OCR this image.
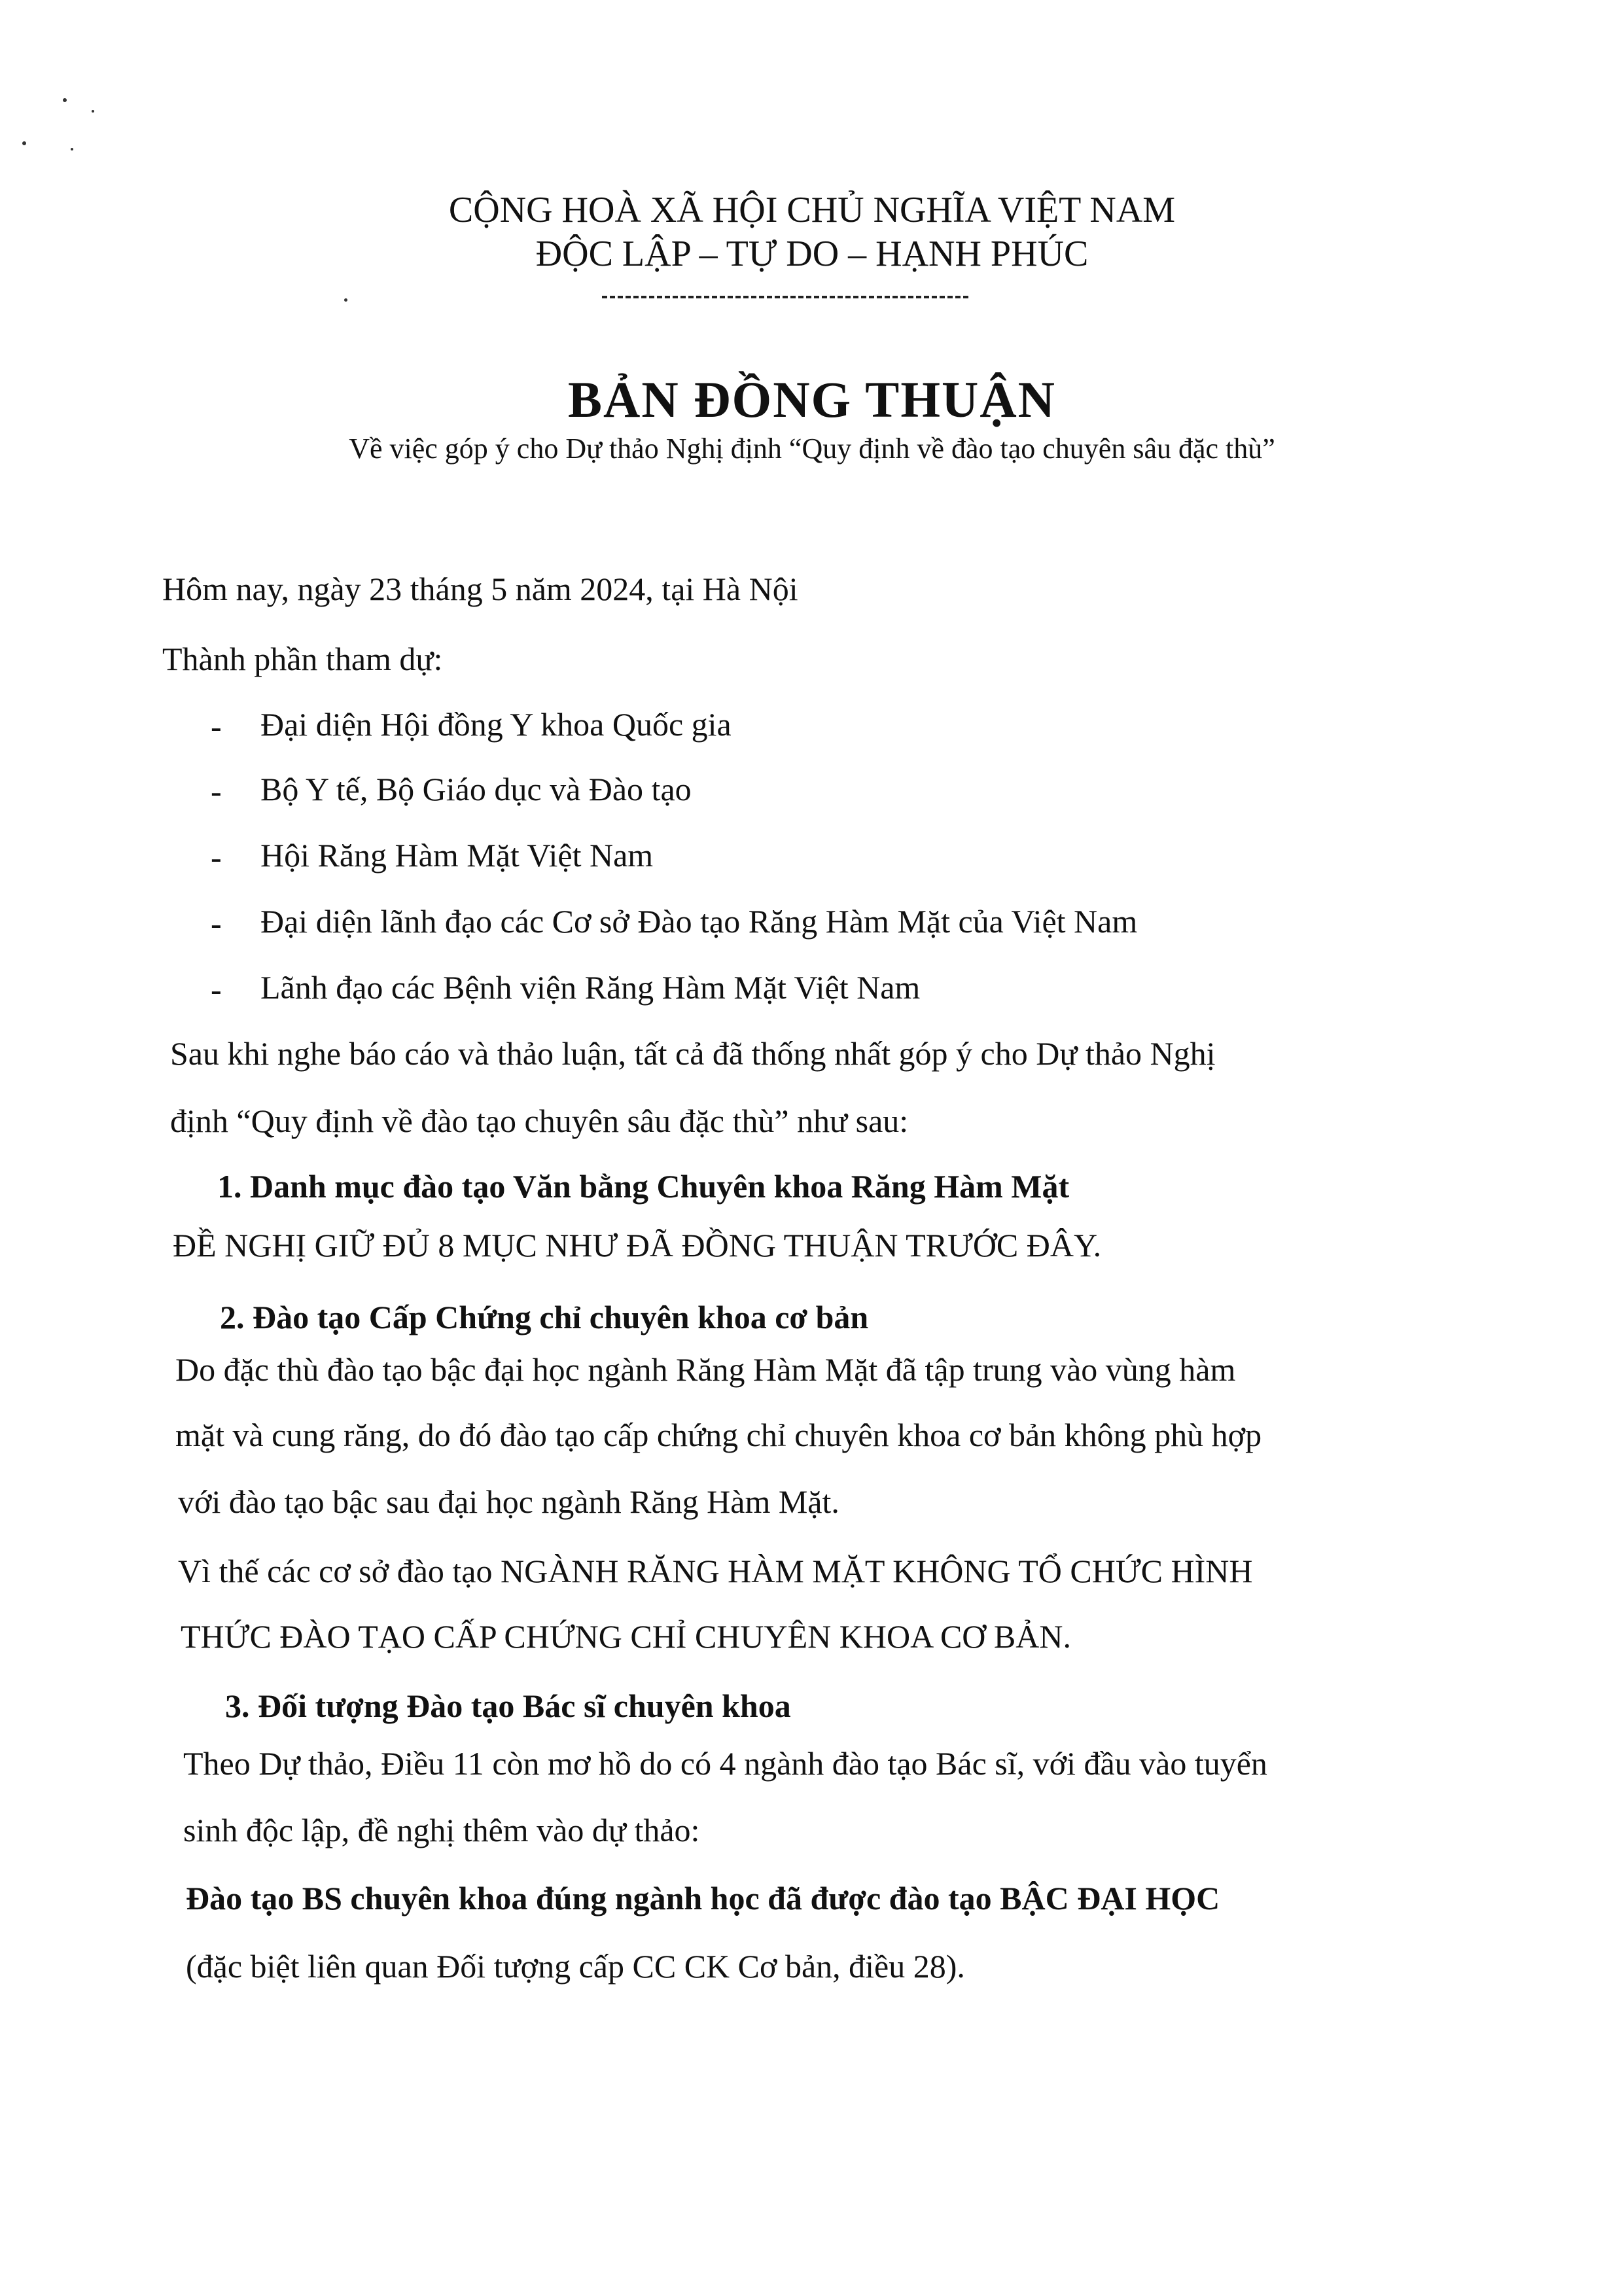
CỘNG HOÀ XÃ HỘI CHỦ NGHĨA VIỆT NAM
ĐỘC LẬP – TỰ DO – HẠNH PHÚC
BẢN ĐỒNG THUẬN
Về việc góp ý cho Dự thảo Nghị định “Quy định về đào tạo chuyên sâu đặc thù”
Hôm nay, ngày 23 tháng 5 năm 2024, tại Hà Nội
Thành phần tham dự:
- Đại diện Hội đồng Y khoa Quốc gia
- Bộ Y tế, Bộ Giáo dục và Đào tạo
- Hội Răng Hàm Mặt Việt Nam
- Đại diện lãnh đạo các Cơ sở Đào tạo Răng Hàm Mặt của Việt Nam
- Lãnh đạo các Bệnh viện Răng Hàm Mặt Việt Nam
Sau khi nghe báo cáo và thảo luận, tất cả đã thống nhất góp ý cho Dự thảo Nghị
định “Quy định về đào tạo chuyên sâu đặc thù” như sau:
1. Danh mục đào tạo Văn bằng Chuyên khoa Răng Hàm Mặt
ĐỀ NGHỊ GIỮ ĐỦ 8 MỤC NHƯ ĐÃ ĐỒNG THUẬN TRƯỚC ĐÂY.
2. Đào tạo Cấp Chứng chỉ chuyên khoa cơ bản
Do đặc thù đào tạo bậc đại học ngành Răng Hàm Mặt đã tập trung vào vùng hàm
mặt và cung răng, do đó đào tạo cấp chứng chỉ chuyên khoa cơ bản không phù hợp
với đào tạo bậc sau đại học ngành Răng Hàm Mặt.
Vì thế các cơ sở đào tạo NGÀNH RĂNG HÀM MẶT KHÔNG TỔ CHỨC HÌNH
THỨC ĐÀO TẠO CẤP CHỨNG CHỈ CHUYÊN KHOA CƠ BẢN.
3. Đối tượng Đào tạo Bác sĩ chuyên khoa
Theo Dự thảo, Điều 11 còn mơ hồ do có 4 ngành đào tạo Bác sĩ, với đầu vào tuyển
sinh độc lập, đề nghị thêm vào dự thảo:
Đào tạo BS chuyên khoa đúng ngành học đã được đào tạo BẬC ĐẠI HỌC
(đặc biệt liên quan Đối tượng cấp CC CK Cơ bản, điều 28).
